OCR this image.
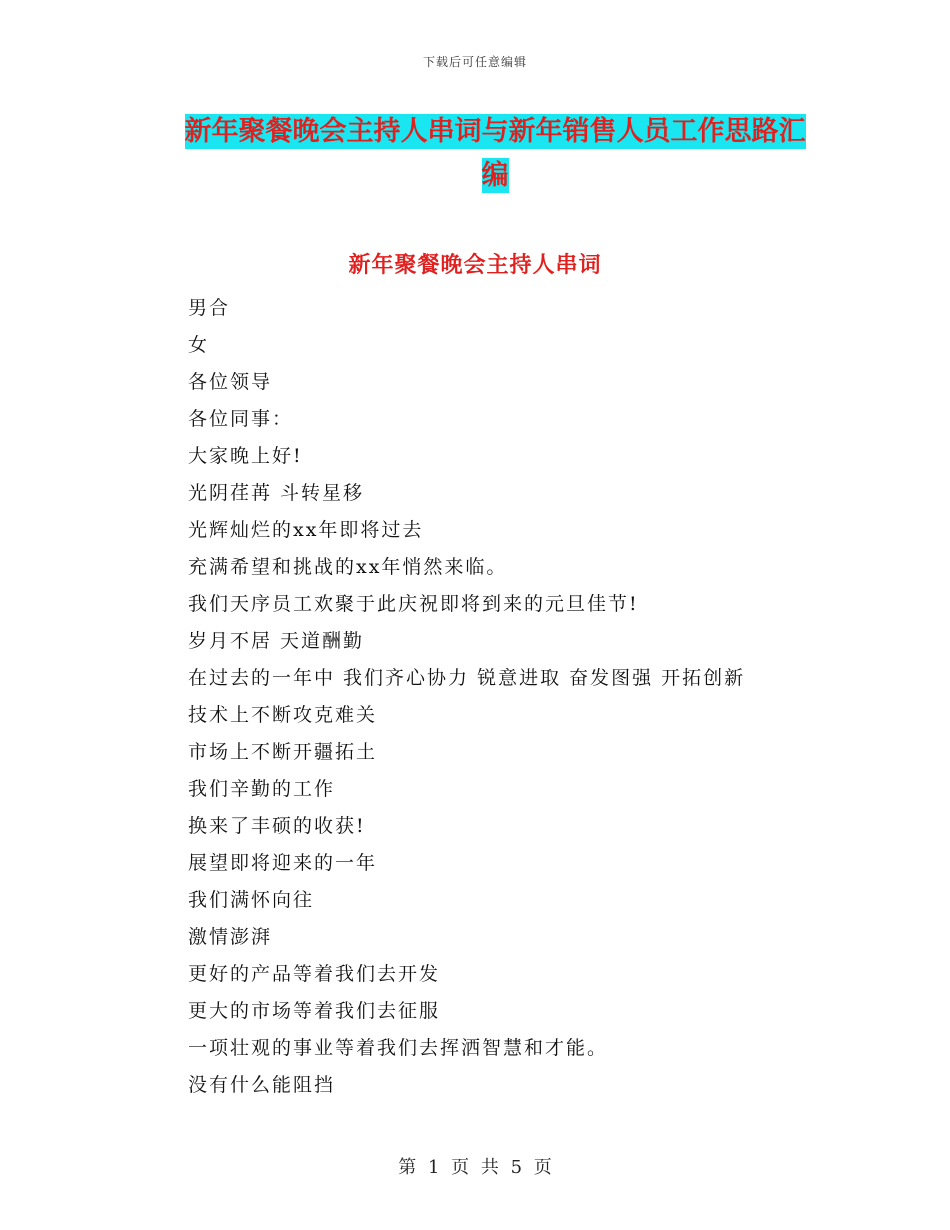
下载后可任意编辑
新年聚餐晚会主持人串词与新年销售人员工作思路汇编
新年聚餐晚会主持人串词
男合
女
各位领导
各位同事：
大家晚上好!
光阴荏苒 斗转星移
光辉灿烂的xx年即将过去
充满希望和挑战的xx年悄然来临。
我们天序员工欢聚于此庆祝即将到来的元旦佳节!
岁月不居 天道酬勤
在过去的一年中 我们齐心协力 锐意进取 奋发图强 开拓创新
技术上不断攻克难关
市场上不断开疆拓土
我们辛勤的工作
换来了丰硕的收获!
展望即将迎来的一年
我们满怀向往
激情澎湃
更好的产品等着我们去开发
更大的市场等着我们去征服
一项壮观的事业等着我们去挥洒智慧和才能。
没有什么能阻挡
第 1 页 共 5 页
